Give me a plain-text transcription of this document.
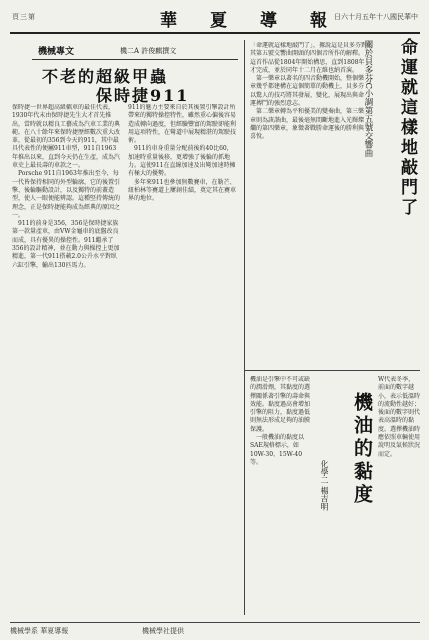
頁三第	華　夏　導　報 日六十月五年十八國民華中
機械專文	機二A 許俊麒撰文
不老的超級甲蟲
保時捷911
保時捷一世界超高級轎車的最佳代表，1930年代末由保時捷先生大才首先推出，當時就以精良工藝成為汽車工業的典範。在八十餘年來保時捷歷經數次重大改革，從最初的356到今天的911，其中最具代表性的便屬911車型，911自1963年推出以來，直到今天仍在生產，成為汽車史上最長壽的車款之一。
　Porsche 911自1963年推出至今，每一代皆保持相同的外型輪廓，它的後置引擎、後輪驅動設計，以及獨特的前蓋造型，使人一眼便能辨認。這種堅持傳統的理念，正是保時捷能夠成為經典的原因之一。
　911的前身是356，356是保時捷家族第一款量產車，由VW金龜車的底盤改良而成，具有優異的操控性。911繼承了356的設計精神，並在動力與操控上更加精進，第一代911搭載2.0公升水平對臥六缸引擎，輸出130匹馬力。
911的魅力主要來自於其後置引擎設計所帶來的獨特操控特性，雖然重心偏後容易造成轉向過度，但經驗豐富的駕駛卻能利用這項特性，在彎道中展現精湛的駕駛技術。
　911的車身重量分配前後約40比60，加速時重量後移，更增強了後輪的抓地力。這使911在直線加速及出彎加速時擁有極大的優勢。
　多年來911也參加無數賽車，在勒芒、紐柏林等賽道上屢創佳績，奠定其在賽車界的地位。	命運就這樣地敲門了
關於貝多芬C小調第五號交響曲
「命運就這樣地敲門了」，據說這是貝多芬對其第五號交響曲開頭的四個音所作的解釋。這首作品從1804年開始構思，直到1808年才完成，並於同年十二月在維也納首演。
　第一樂章以著名的四音動機開始，整個樂章幾乎都建構在這個簡單的動機上，貝多芬以驚人的技巧將其發展、變化，展現出與命運搏鬥的強烈意志。
　第二樂章轉為平和優美的變奏曲，第三樂章則為詼諧曲，最後毫無間斷地進入光輝燦爛的第四樂章，象徵著戰勝命運後的勝利與喜悅。
機油是引擎中不可或缺的潤滑劑，其黏度的選擇關係著引擎的壽命與效能。黏度過高會增加引擎的阻力，黏度過低則無法形成足夠的油膜保護。
　一般機油的黏度以SAE規格標示，如10W-30、15W-40等。	機油的黏度
化學二 楊吉明
W代表冬季，前面的數字越小，表示低溫時的流動性越好；後面的數字則代表高溫時的黏度。選擇機油時應依照車輛使用說明及氣候狀況而定。
機械學系 華夏導報	機械學社提供
